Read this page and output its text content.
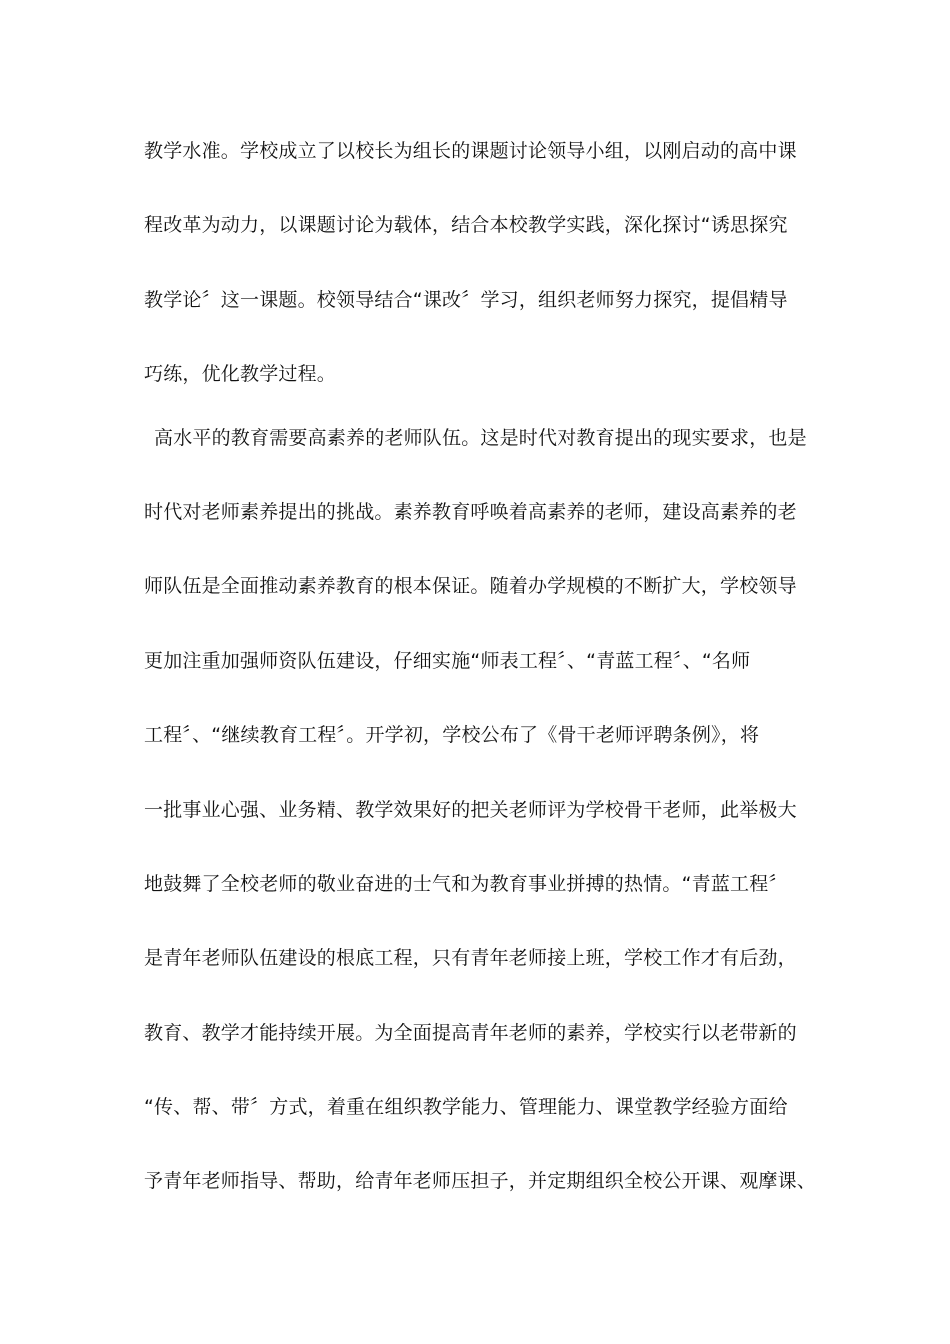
教学水准。学校成立了以校长为组长的课题讨论领导小组，以刚启动的高中课
程改革为动力，以课题讨论为载体，结合本校教学实践，深化探讨“诱思探究
教学论〞这一课题。校领导结合“课改〞学习，组织老师努力探究，提倡精导
巧练，优化教学过程。
高水平的教育需要高素养的老师队伍。这是时代对教育提出的现实要求，也是
时代对老师素养提出的挑战。素养教育呼唤着高素养的老师，建设高素养的老
师队伍是全面推动素养教育的根本保证。随着办学规模的不断扩大，学校领导
更加注重加强师资队伍建设，仔细实施“师表工程〞、“青蓝工程〞、“名师
工程〞、“继续教育工程〞。开学初，学校公布了《骨干老师评聘条例》，将
一批事业心强、业务精、教学效果好的把关老师评为学校骨干老师，此举极大
地鼓舞了全校老师的敬业奋进的士气和为教育事业拼搏的热情。“青蓝工程〞
是青年老师队伍建设的根底工程，只有青年老师接上班，学校工作才有后劲，
教育、教学才能持续开展。为全面提高青年老师的素养，学校实行以老带新的
“传、帮、带〞方式，着重在组织教学能力、管理能力、课堂教学经验方面给
予青年老师指导、帮助，给青年老师压担子，并定期组织全校公开课、观摩课、
